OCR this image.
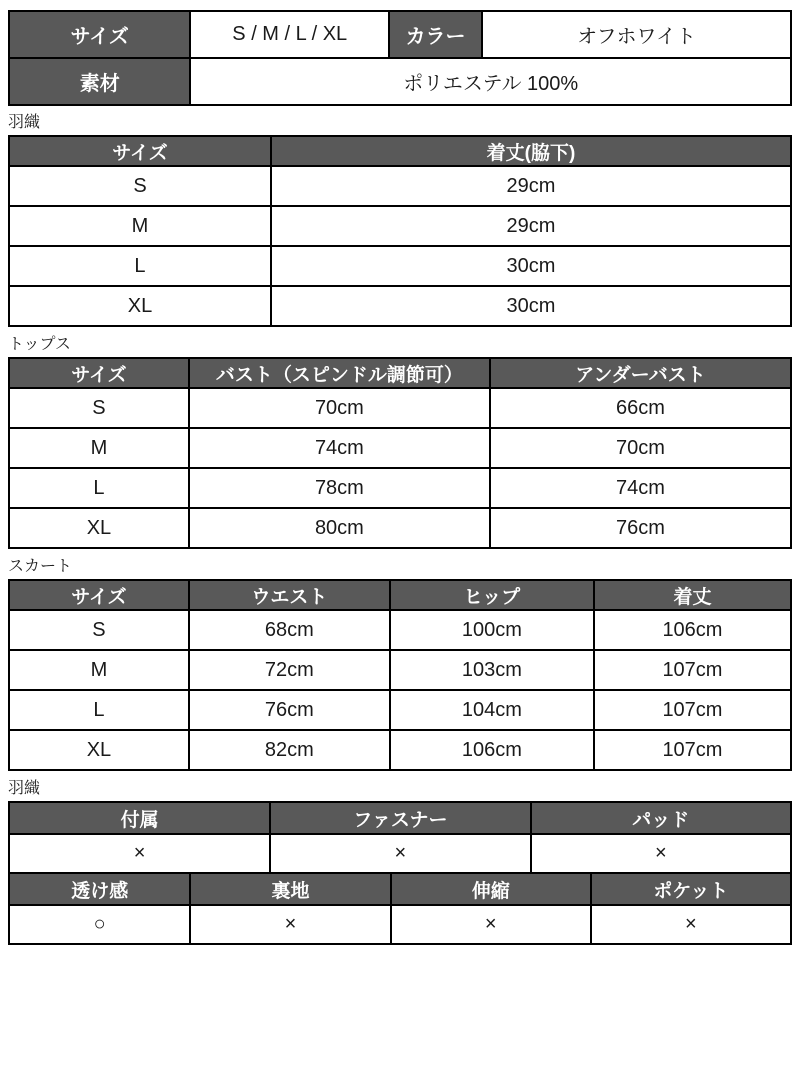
サイズ	S / M / L / XL	カラー	オフホワイト
素材	ポリエステル 100%		
羽織
サイズ	着丈(脇下)
S	29cm
M	29cm
L	30cm
XL	30cm
トップス
サイズ	バスト（スピンドル調節可）	アンダーバスト
S	70cm	66cm
M	74cm	70cm
L	78cm	74cm
XL	80cm	76cm
スカート
サイズ	ウエスト	ヒップ	着丈
S	68cm	100cm	106cm
M	72cm	103cm	107cm
L	76cm	104cm	107cm
XL	82cm	106cm	107cm
羽織
付属	ファスナー	パッド
×	×	×
透け感	裏地	伸縮	ポケット
○	×	×	×
